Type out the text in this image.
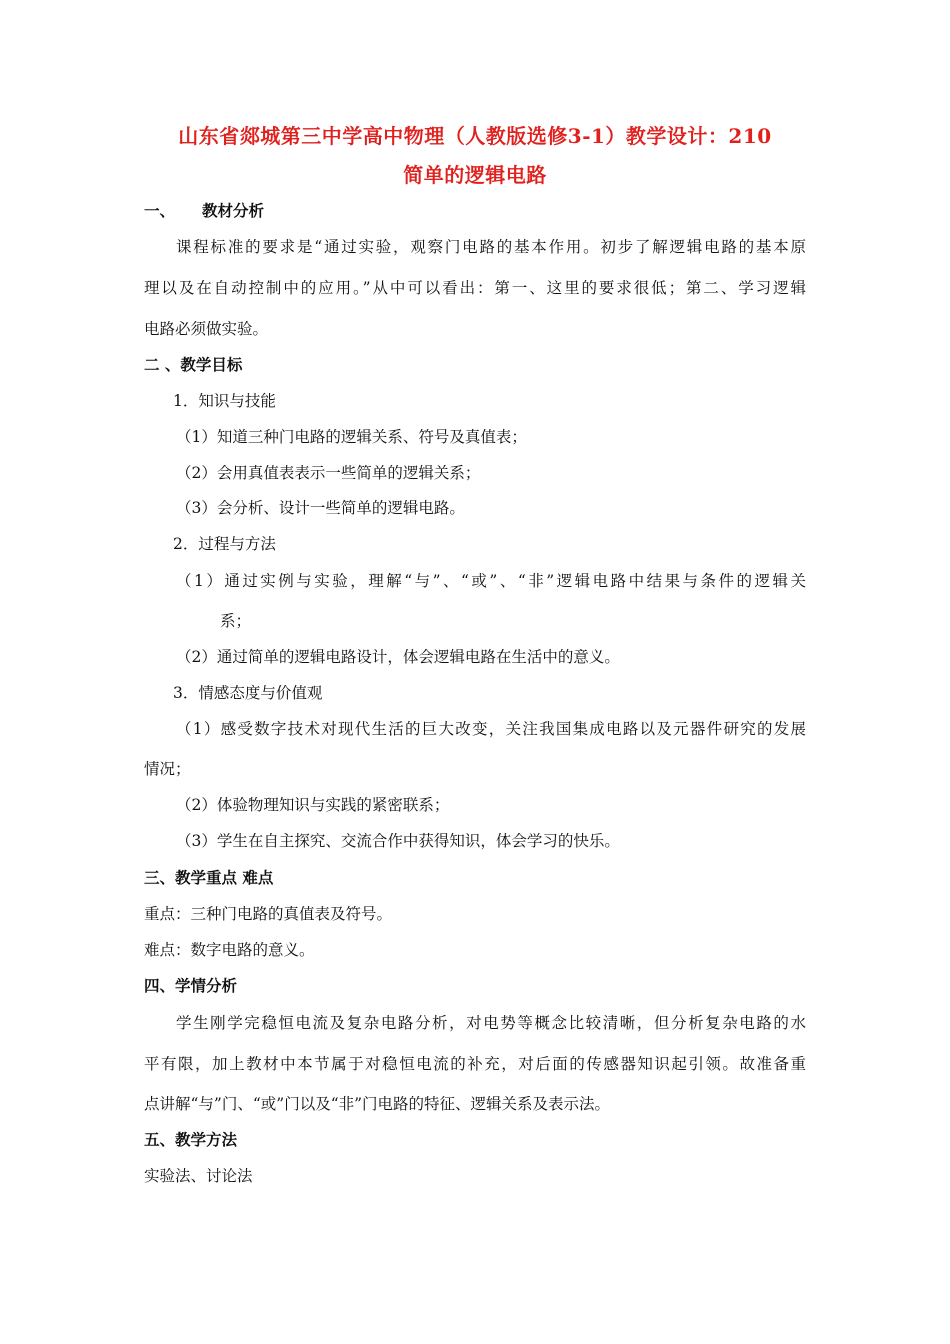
山东省郯城第三中学高中物理（人教版选修3-1）教学设计：210
简单的逻辑电路
一、 教材分析
课程标准的要求是“通过实验，观察门电路的基本作用。初步了解逻辑电路的基本原
理以及在自动控制中的应用。”从中可以看出：第一、这里的要求很低；第二、学习逻辑
电路必须做实验。
二 、教学目标
1．知识与技能
（1）知道三种门电路的逻辑关系、符号及真值表；
（2）会用真值表表示一些简单的逻辑关系；
（3）会分析、设计一些简单的逻辑电路。
2．过程与方法
（1）通过实例与实验，理解“与”、“或”、“非”逻辑电路中结果与条件的逻辑关
系；
（2）通过简单的逻辑电路设计，体会逻辑电路在生活中的意义。
3．情感态度与价值观
（1）感受数字技术对现代生活的巨大改变，关注我国集成电路以及元器件研究的发展
情况；
（2）体验物理知识与实践的紧密联系；
（3）学生在自主探究、交流合作中获得知识，体会学习的快乐。
三、教学重点 难点
重点：三种门电路的真值表及符号。
难点：数字电路的意义。
四、学情分析
学生刚学完稳恒电流及复杂电路分析，对电势等概念比较清晰，但分析复杂电路的水
平有限，加上教材中本节属于对稳恒电流的补充，对后面的传感器知识起引领。故准备重
点讲解“与”门、“或”门以及“非”门电路的特征、逻辑关系及表示法。
五、教学方法
实验法、讨论法
